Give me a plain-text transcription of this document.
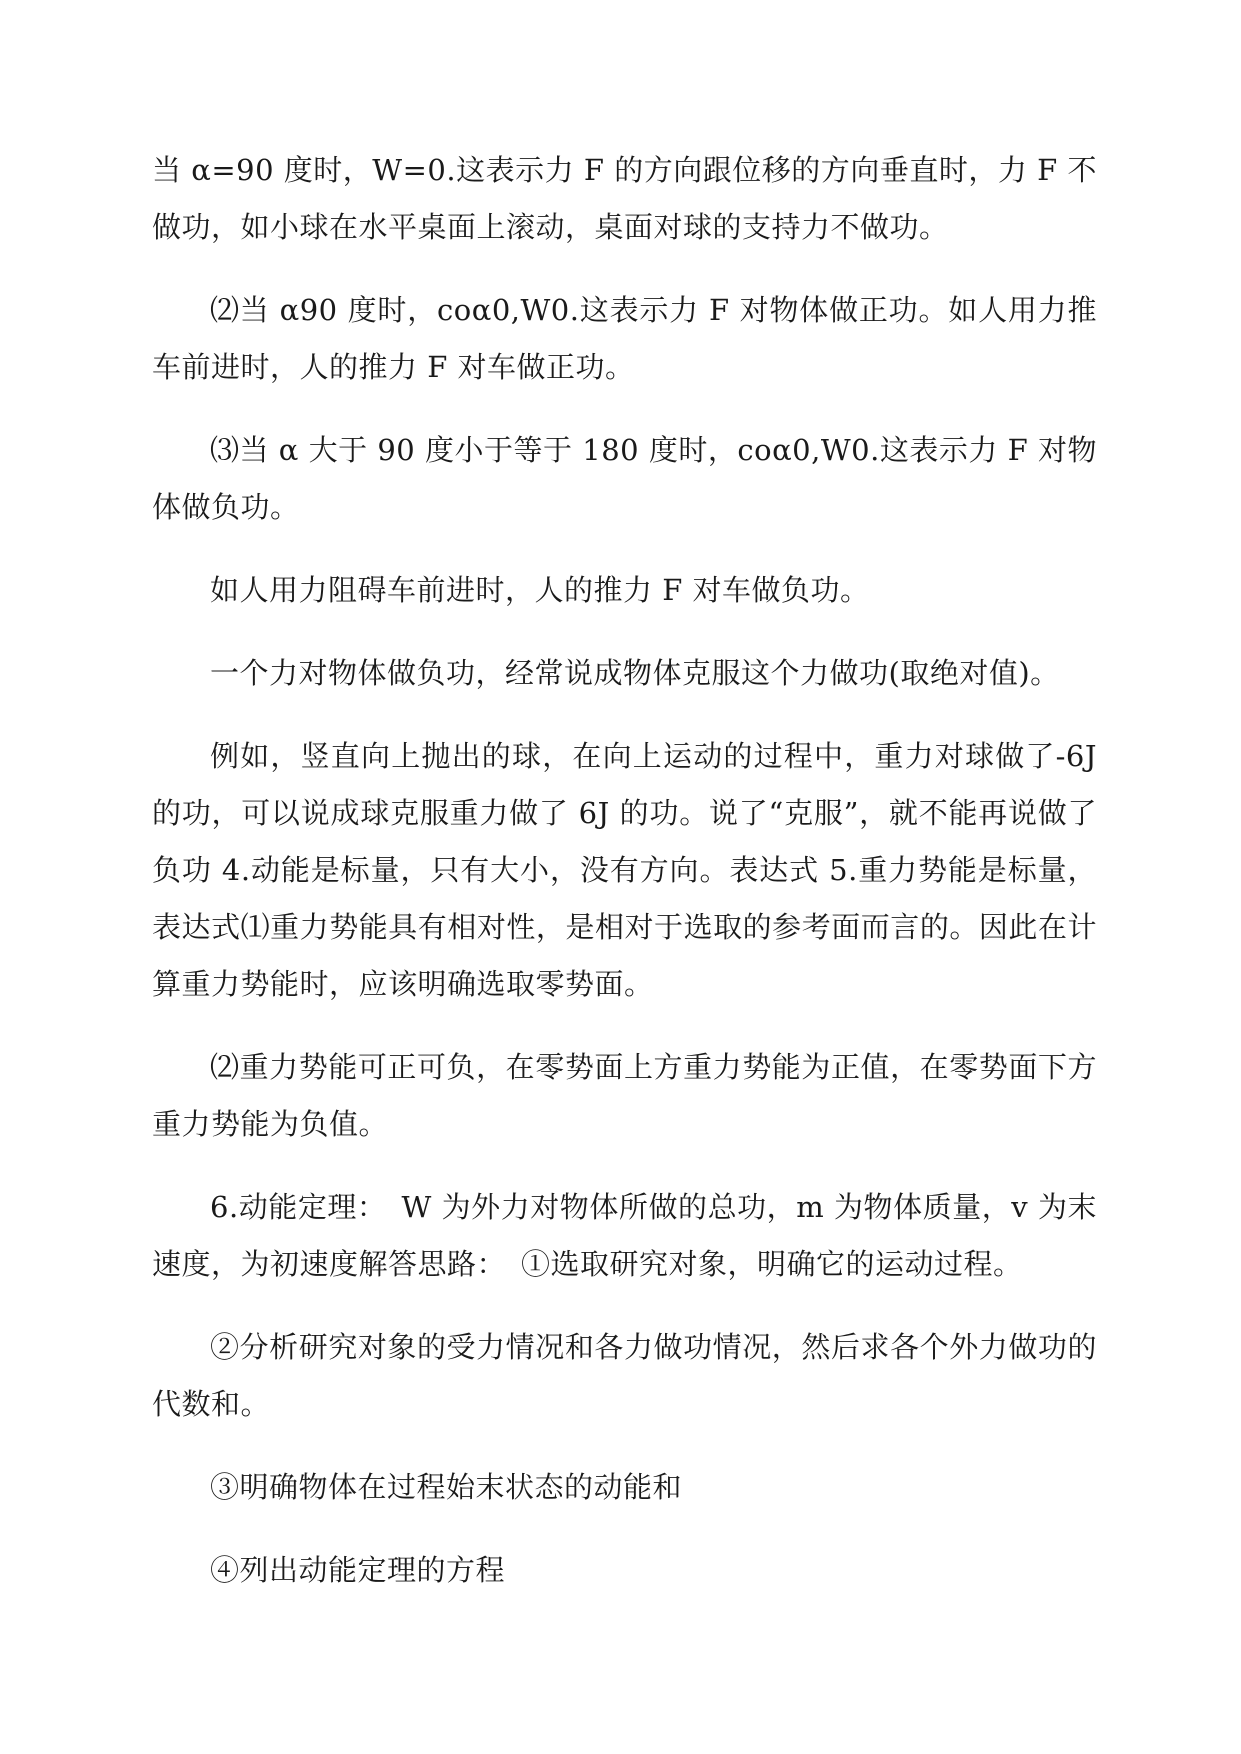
当 α=90 度时，W=0.这表示力 F 的方向跟位移的方向垂直时，力 F 不做功，如小球在水平桌面上滚动，桌面对球的支持力不做功。

⑵当 α90 度时，coα0,W0.这表示力 F 对物体做正功。如人用力推车前进时，人的推力 F 对车做正功。

⑶当 α 大于 90 度小于等于 180 度时，coα0,W0.这表示力 F 对物体做负功。

如人用力阻碍车前进时，人的推力 F 对车做负功。

一个力对物体做负功，经常说成物体克服这个力做功(取绝对值)。

例如，竖直向上抛出的球，在向上运动的过程中，重力对球做了-6J 的功，可以说成球克服重力做了 6J 的功。说了“克服”，就不能再说做了负功 4.动能是标量，只有大小，没有方向。表达式 5.重力势能是标量，表达式⑴重力势能具有相对性，是相对于选取的参考面而言的。因此在计算重力势能时，应该明确选取零势面。

⑵重力势能可正可负，在零势面上方重力势能为正值，在零势面下方重力势能为负值。

6.动能定理：　W 为外力对物体所做的总功，m 为物体质量，v 为末速度，为初速度解答思路：　①选取研究对象，明确它的运动过程。

②分析研究对象的受力情况和各力做功情况，然后求各个外力做功的代数和。

③明确物体在过程始末状态的动能和

④列出动能定理的方程
